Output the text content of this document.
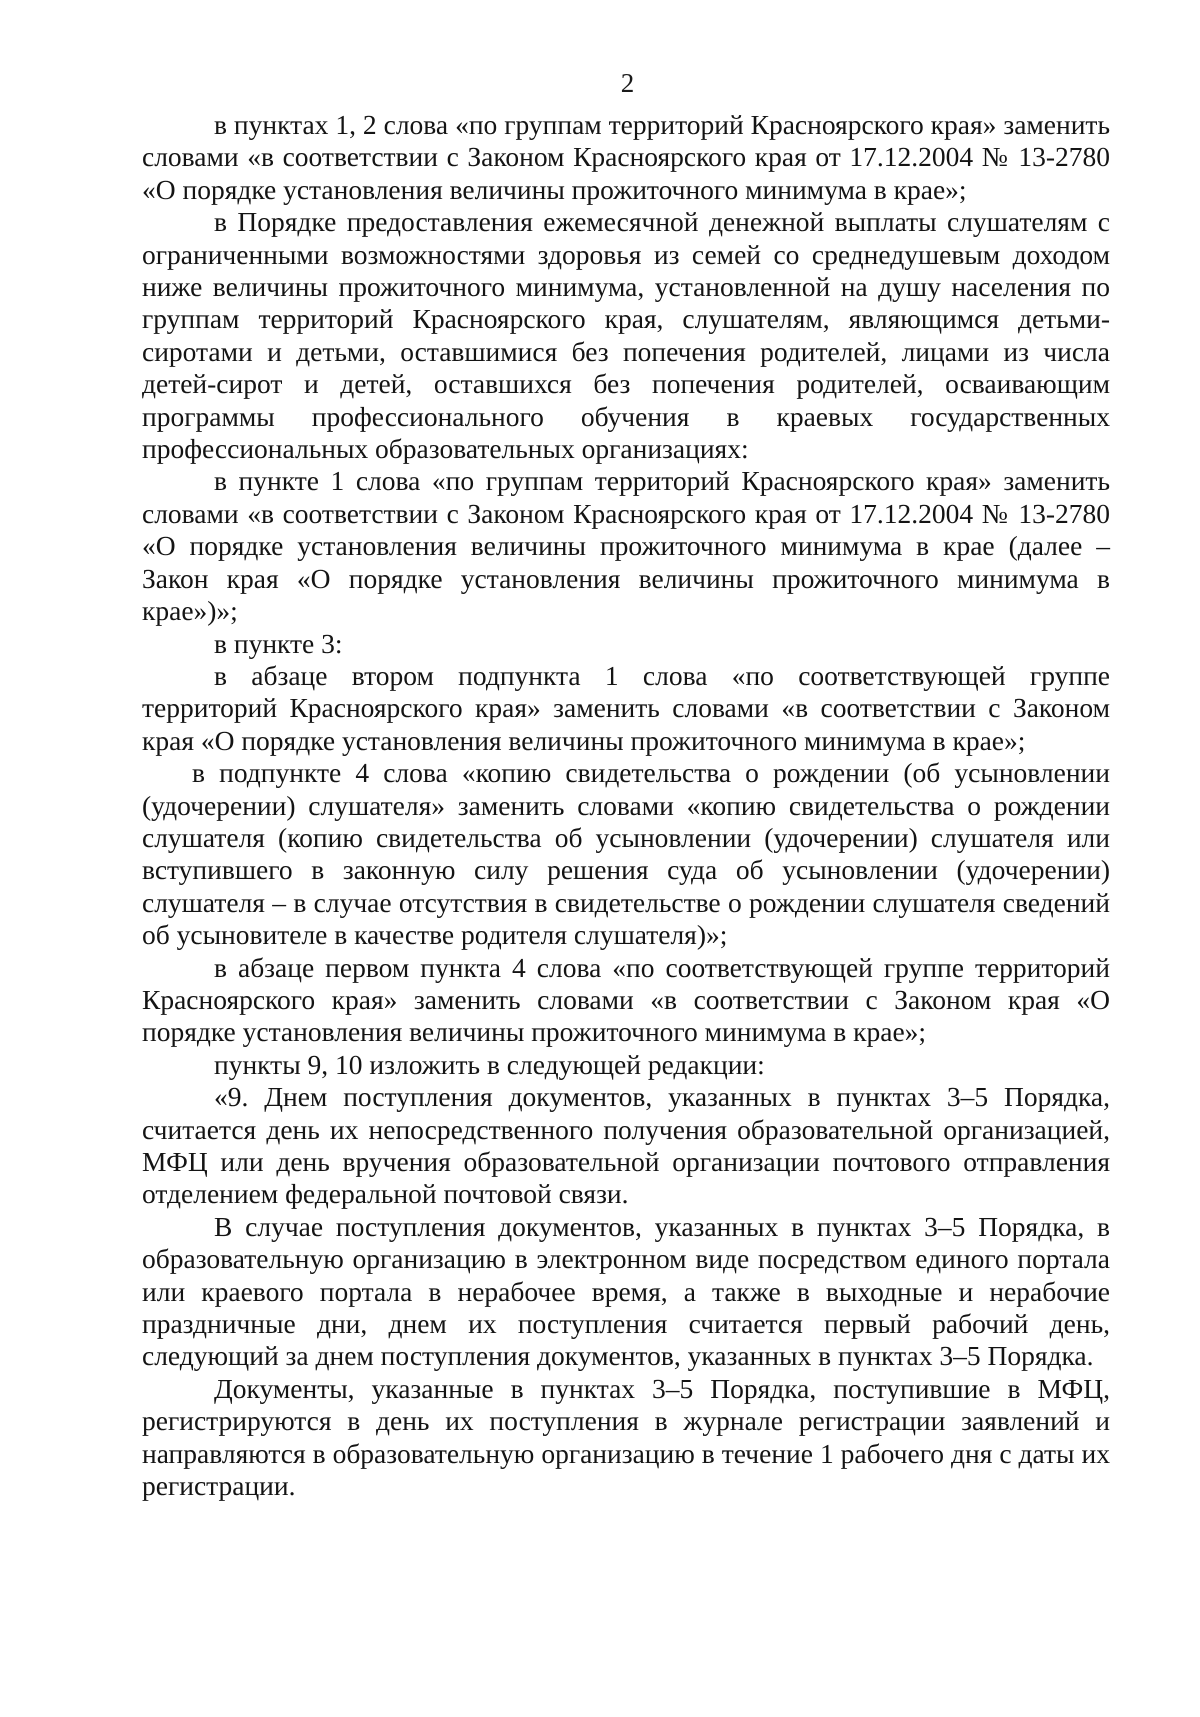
2

в пунктах 1, 2 слова «по группам территорий Красноярского края» заменить словами «в соответствии с Законом Красноярского края от 17.12.2004 № 13-2780 «О порядке установления величины прожиточного минимума в крае»;

в Порядке предоставления ежемесячной денежной выплаты слушателям с ограниченными возможностями здоровья из семей со среднедушевым доходом ниже величины прожиточного минимума, установленной на душу населения по группам территорий Красноярского края, слушателям, являющимся детьми-сиротами и детьми, оставшимися без попечения родителей, лицами из числа детей-сирот и детей, оставшихся без попечения родителей, осваивающим программы профессионального обучения в краевых государственных профессиональных образовательных организациях:

в пункте 1 слова «по группам территорий Красноярского края» заменить словами «в соответствии с Законом Красноярского края от 17.12.2004 № 13-2780 «О порядке установления величины прожиточного минимума в крае (далее – Закон края «О порядке установления величины прожиточного минимума в крае»)»;

в пункте 3:

в абзаце втором подпункта 1 слова «по соответствующей группе территорий Красноярского края» заменить словами «в соответствии с Законом края «О порядке установления величины прожиточного минимума в крае»;

в подпункте 4 слова «копию свидетельства о рождении (об усыновлении (удочерении) слушателя» заменить словами «копию свидетельства о рождении слушателя (копию свидетельства об усыновлении (удочерении) слушателя или вступившего в законную силу решения суда об усыновлении (удочерении) слушателя – в случае отсутствия в свидетельстве о рождении слушателя сведений об усыновителе в качестве родителя слушателя)»;

в абзаце первом пункта 4 слова «по соответствующей группе территорий Красноярского края» заменить словами «в соответствии с Законом края «О порядке установления величины прожиточного минимума в крае»;

пункты 9, 10 изложить в следующей редакции:

«9. Днем поступления документов, указанных в пунктах 3–5 Порядка, считается день их непосредственного получения образовательной организацией, МФЦ или день вручения образовательной организации почтового отправления отделением федеральной почтовой связи.

В случае поступления документов, указанных в пунктах 3–5 Порядка, в образовательную организацию в электронном виде посредством единого портала или краевого портала в нерабочее время, а также в выходные и нерабочие праздничные дни, днем их поступления считается первый рабочий день, следующий за днем поступления документов, указанных в пунктах 3–5 Порядка.

Документы, указанные в пунктах 3–5 Порядка, поступившие в МФЦ, регистрируются в день их поступления в журнале регистрации заявлений и направляются в образовательную организацию в течение 1 рабочего дня с даты их регистрации.
